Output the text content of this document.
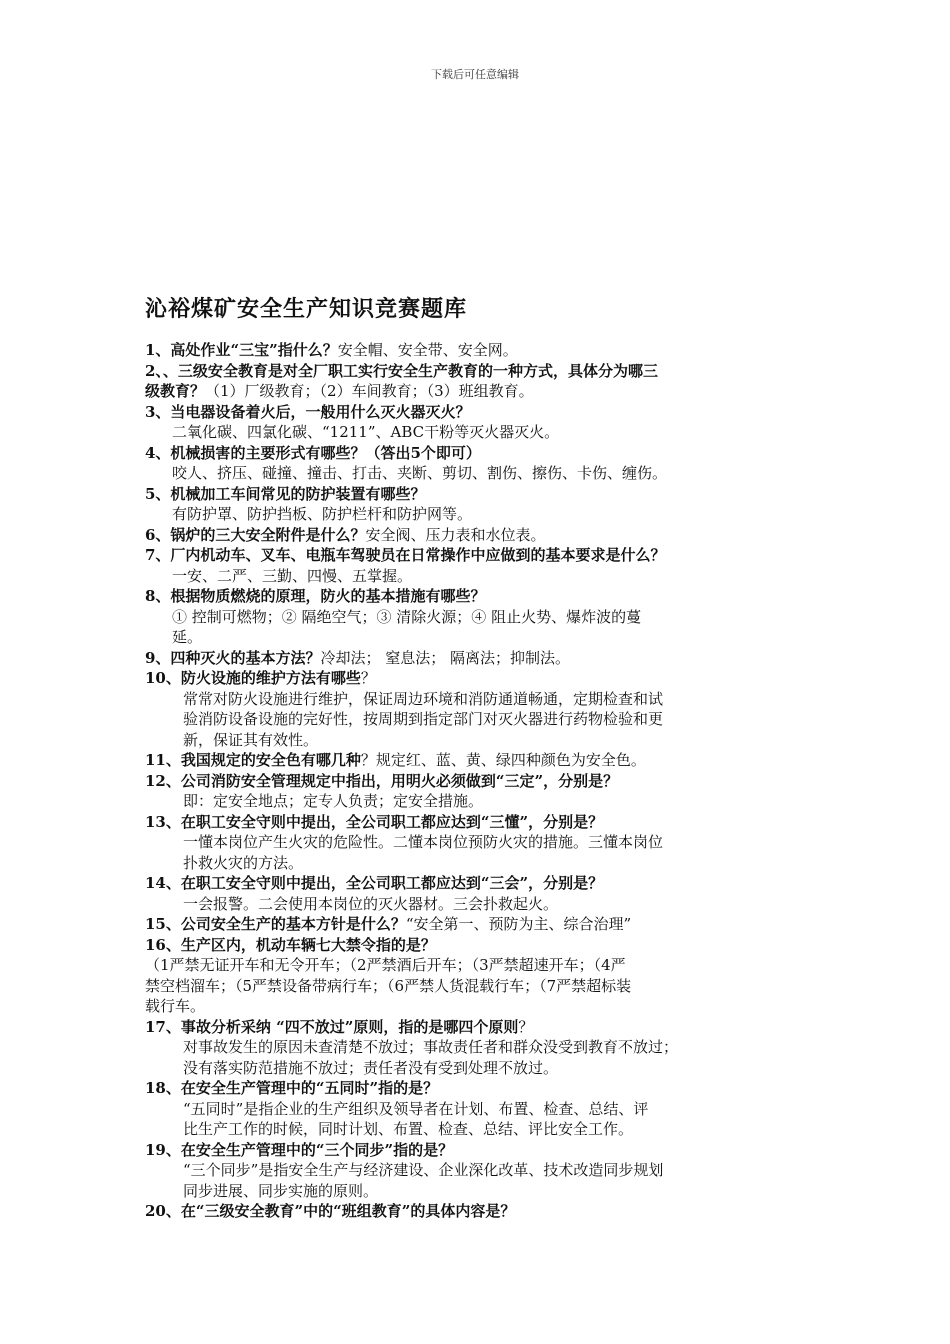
下载后可任意编辑
沁裕煤矿安全生产知识竞赛题库
1、高处作业“三宝”指什么？安全帽、安全带、安全网。
2、、三级安全教育是对全厂职工实行安全生产教育的一种方式，具体分为哪三
级教育？（1）厂级教育；（2）车间教育；（3）班组教育。
3、当电器设备着火后，一般用什么灭火器灭火？
二氧化碳、四氯化碳、“1211”、ABC干粉等灭火器灭火。
4、机械损害的主要形式有哪些？（答出5个即可）
咬人、挤压、碰撞、撞击、打击、夹断、剪切、割伤、擦伤、卡伤、缠伤。
5、机械加工车间常见的防护装置有哪些？
有防护罩、防护挡板、防护栏杆和防护网等。
6、锅炉的三大安全附件是什么？安全阀、压力表和水位表。
7、厂内机动车、叉车、电瓶车驾驶员在日常操作中应做到的基本要求是什么？
一安、二严、三勤、四慢、五掌握。
8、根据物质燃烧的原理，防火的基本措施有哪些？
① 控制可燃物；② 隔绝空气；③ 清除火源；④ 阻止火势、爆炸波的蔓
延。
9、四种灭火的基本方法？冷却法； 窒息法； 隔离法；抑制法。
10、防火设施的维护方法有哪些？
常常对防火设施进行维护，保证周边环境和消防通道畅通，定期检查和试
验消防设备设施的完好性，按周期到指定部门对灭火器进行药物检验和更
新，保证其有效性。
11、我国规定的安全色有哪几种？规定红、蓝、黄、绿四种颜色为安全色。
12、公司消防安全管理规定中指出，用明火必须做到“三定”，分别是？
即：定安全地点；定专人负责；定安全措施。
13、在职工安全守则中提出，全公司职工都应达到“三懂”，分别是？
一懂本岗位产生火灾的危险性。二懂本岗位预防火灾的措施。三懂本岗位
扑救火灾的方法。
14、在职工安全守则中提出，全公司职工都应达到“三会”，分别是？
一会报警。二会使用本岗位的灭火器材。三会扑救起火。
15、公司安全生产的基本方针是什么？“安全第一、预防为主、综合治理”
16、生产区内，机动车辆七大禁令指的是？
（1严禁无证开车和无令开车；（2严禁酒后开车；（3严禁超速开车；（4严
禁空档溜车；（5严禁设备带病行车；（6严禁人货混载行车；（7严禁超标装
载行车。
17、事故分析采纳 “四不放过”原则，指的是哪四个原则？
对事故发生的原因未查清楚不放过；事故责任者和群众没受到教育不放过；
没有落实防范措施不放过；责任者没有受到处理不放过。
18、在安全生产管理中的“五同时”指的是？
“五同时”是指企业的生产组织及领导者在计划、布置、检查、总结、评
比生产工作的时候，同时计划、布置、检查、总结、评比安全工作。
19、在安全生产管理中的“三个同步”指的是？
“三个同步”是指安全生产与经济建设、企业深化改革、技术改造同步规划
同步进展、同步实施的原则。
20、在“三级安全教育”中的“班组教育”的具体内容是？
